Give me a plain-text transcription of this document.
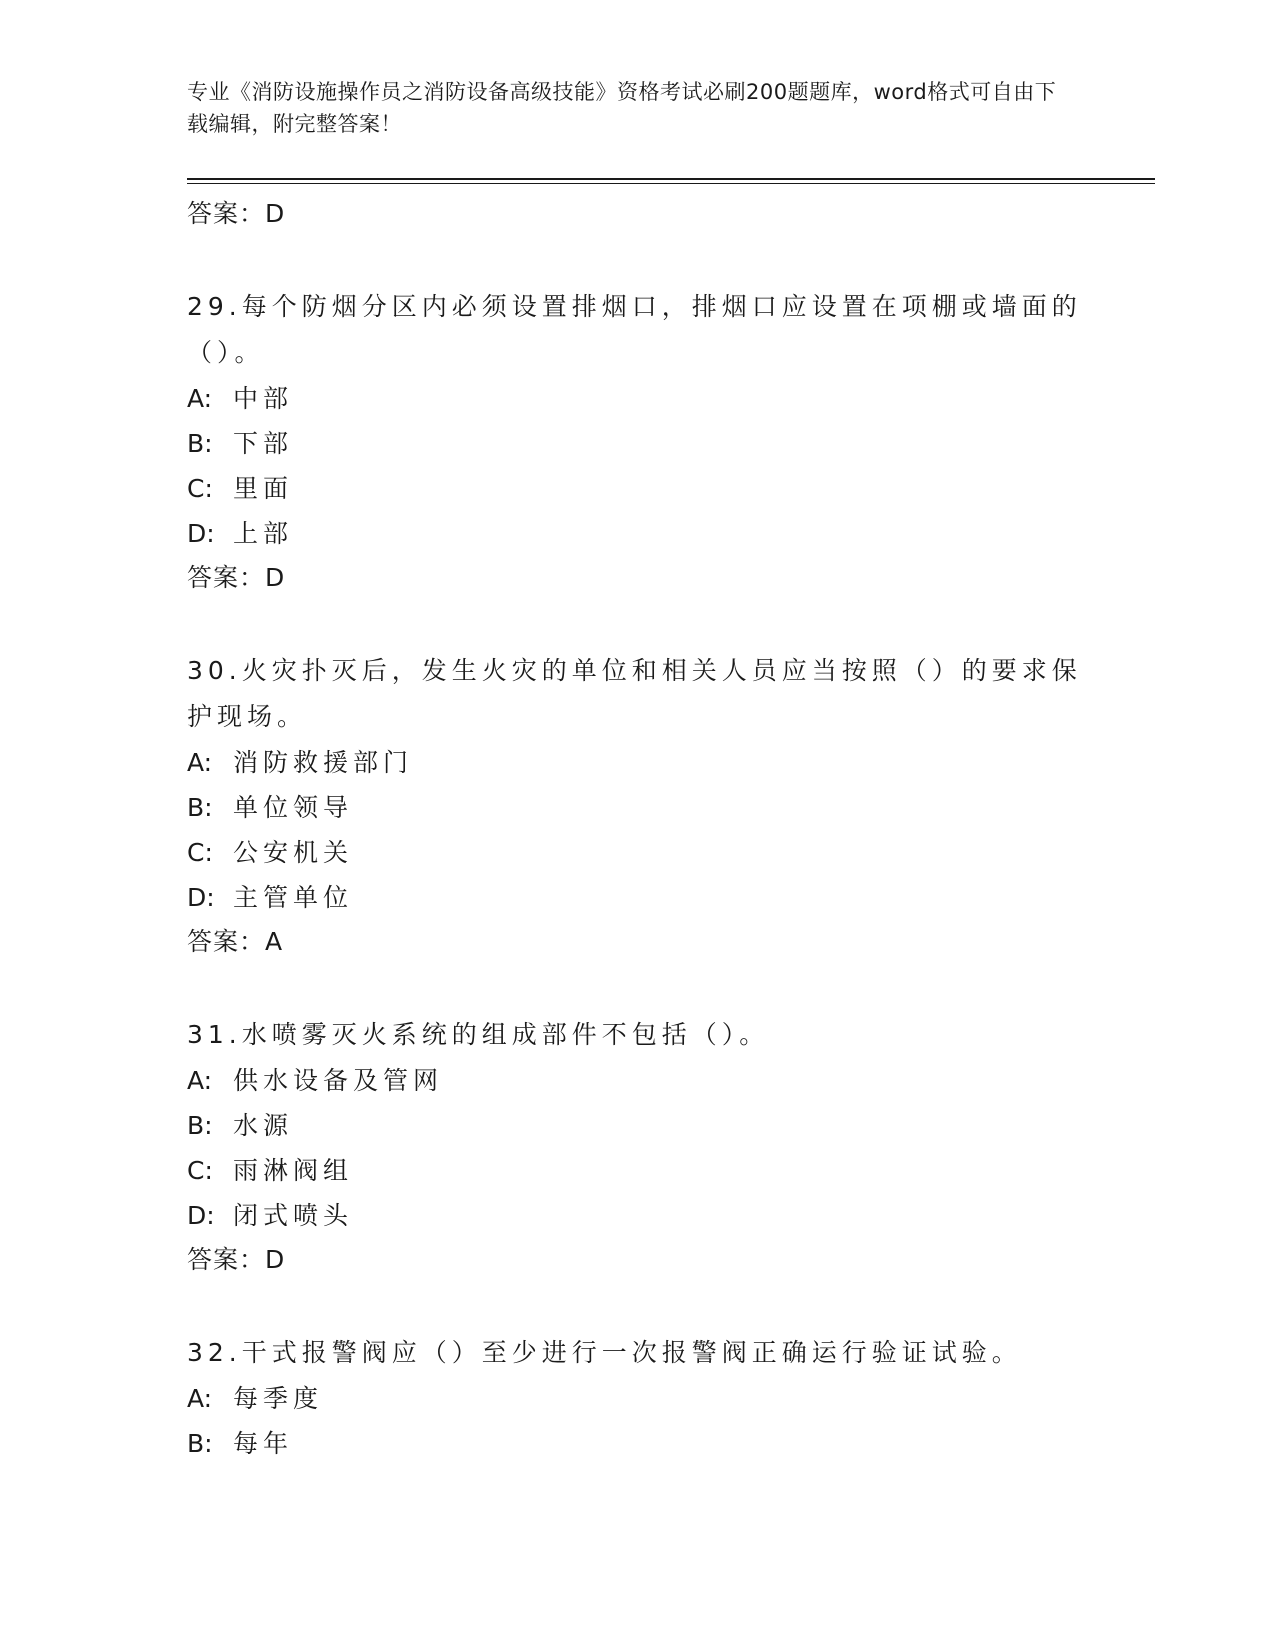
专业《消防设施操作员之消防设备高级技能》资格考试必刷200题题库，word格式可自由下载编辑，附完整答案！
答案：D
29.每个防烟分区内必须设置排烟口，排烟口应设置在项棚或墙面的（）。
A: 中部
B: 下部
C: 里面
D: 上部
答案：D
30.火灾扑灭后，发生火灾的单位和相关人员应当按照（）的要求保护现场。
A: 消防救援部门
B: 单位领导
C: 公安机关
D: 主管单位
答案：A
31.水喷雾灭火系统的组成部件不包括（）。
A: 供水设备及管网
B: 水源
C: 雨淋阀组
D: 闭式喷头
答案：D
32.干式报警阀应（）至少进行一次报警阀正确运行验证试验。
A: 每季度
B: 每年
